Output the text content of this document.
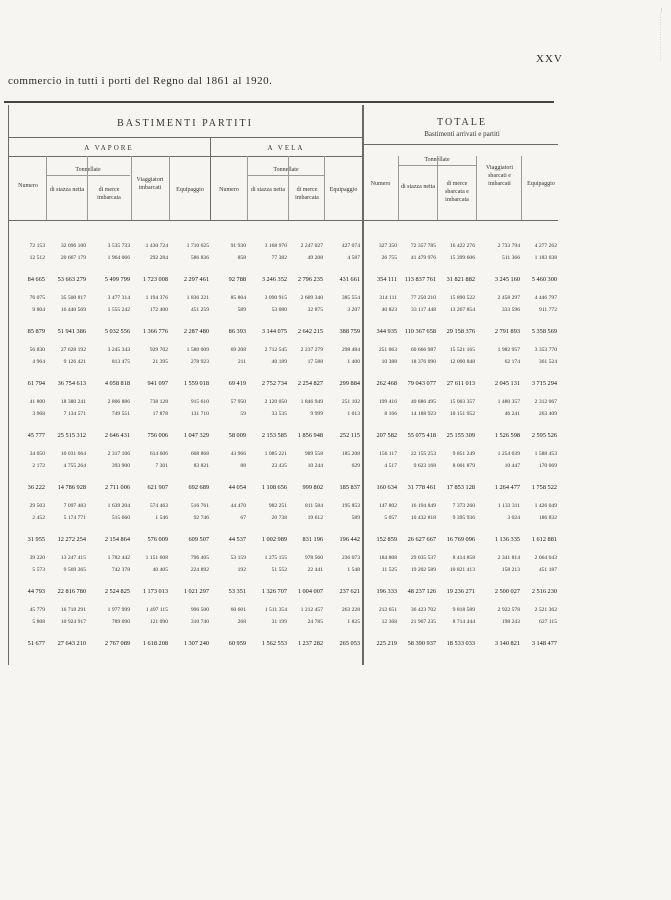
XXV
commercio in tutti i porti del Regno dal 1861 al 1920.
— . . . . . . . . . . . . . . . . . . .
BASTIMENTI PARTITI	TOTALE
Bastimenti arrivati e partiti
A VAPORE	A VELA
Numero
Tonnellate
di stazza netta	di merce imbarcata
Viaggiatori imbarcati	Equipaggio	Numero
Tonnellate
di stazza netta	di merce imbarcata
Equipaggio
Numero
Tonnellate
di stazza netta	di merce sbarcata e imbarcata
Viaggiatori sbarcati e imbarcati	Equipaggio
72 153	32 096 100	3 535 733	1 430 724	1 710 625	91 930	3 168 970	2 247 027	427 074	327 350	72 357 785	16 422 276	2 733 794	4 277 262
12 512	20 667 179	1 964 066	292 284	586 836	858	77 382	49 208	4 587	26 755	41 479 976	15 399 606	511 366	1 183 038
84 665	53 663 279	5 499 799	1 723 008	2 297 461	92 788	3 246 352	2 796 235	431 661	354 111	113 837 761	31 821 882	3 245 160	5 460 300
76 075	35 500 817	3 477 314	1 194 376	1 836 221	85 804	3 090 915	2 609 340	385 554	314 111	77 250 210	15 890 522	2 458 297	4 446 797
9 804	16 440 569	1 555 242	172 400	451 259	589	53 080	32 875	3 207	40 823	33 117 448	13 267 854	333 596	911 772
85 879	51 941 386	5 032 556	1 366 776	2 287 480	86 393	3 144 075	2 642 215	388 759	344 935	110 367 658	29 158 376	2 791 893	5 358 569
56 830	27 628 192	3 245 343	929 702	1 580 009	69 208	2 712 545	2 237 279	298 484	251 063	60 666 987	15 521 165	1 982 957	3 353 770
4 964	9 126 421	813 475	21 395	278 923	211	40 189	17 588	1 400	10 388	18 376 090	12 090 848	62 174	361 524
61 794	36 754 613	4 058 818	941 097	1 559 018	69 419	2 752 734	2 254 827	299 884	262 468	79 043 077	27 611 013	2 045 131	3 715 294
41 800	18 380 241	2 806 886	738 128	915 610	57 950	2 120 050	1 846 949	251 102	199 416	40 886 495	15 003 357	1 480 357	2 312 067
3 968	7 134 571	749 551	17 878	131 710	59	33 535	9 999	1 013	8 166	14 188 923	10 151 952	46 241	263 409
45 777	25 515 312	2 646 431	756 006	1 047 329	58 009	2 153 585	1 856 948	252 115	207 582	55 075 418	25 155 309	1 526 598	2 595 526
34 050	10 031 664	2 317 106	614 606	608 868	43 966	1 085 221	989 558	185 208	156 117	22 155 253	9 851 249	1 254 039	1 588 453
2 172	4 755 264	393 900	7 301	83 821	88	23 435	10 244	629	4 517	9 623 168	8 001 879	10 447	170 069
36 222	14 786 928	2 711 006	621 907	692 689	44 054	1 108 656	999 802	185 837	160 634	31 778 461	17 853 128	1 264 477	1 758 522
29 503	7 097 483	1 639 204	574 463	516 761	44 470	982 251	811 584	195 853	147 802	16 194 849	7 373 260	1 133 311	1 426 049
2 452	5 174 771	515 660	1 546	92 746	67	20 738	19 612	589	5 057	10 432 818	9 395 936	3 024	186 832
31 955	12 272 254	2 154 864	576 009	609 507	44 537	1 002 989	831 196	196 442	152 859	26 627 667	16 769 096	1 136 335	1 612 881
39 220	13 247 415	1 782 442	1 151 608	796 405	53 159	1 275 155	978 560	236 073	184 808	29 035 537	8 414 858	2 341 814	2 064 043
5 573	9 569 365	742 378	40 405	224 892	192	51 552	22 441	1 548	11 525	19 202 589	10 821 413	158 213	451 187
44 793	22 816 780	2 524 825	1 173 013	1 021 297	53 351	1 326 707	1 004 007	237 621	196 333	48 237 126	19 236 271	2 500 027	2 516 230
45 779	16 718 291	1 977 999	1 497 115	996 500	60 601	1 511 354	1 212 457	263 228	212 651	36 423 702	9 818 589	2 922 578	2 521 362
5 808	10 924 917	789 090	121 090	310 740	268	31 199	24 785	1 825	12 368	21 967 235	8 714 444	198 243	627 115
51 677	27 643 210	2 767 089	1 618 208	1 307 240	60 959	1 562 553	1 237 282	265 053	225 219	58 390 937	18 533 033	3 140 821	3 148 477
